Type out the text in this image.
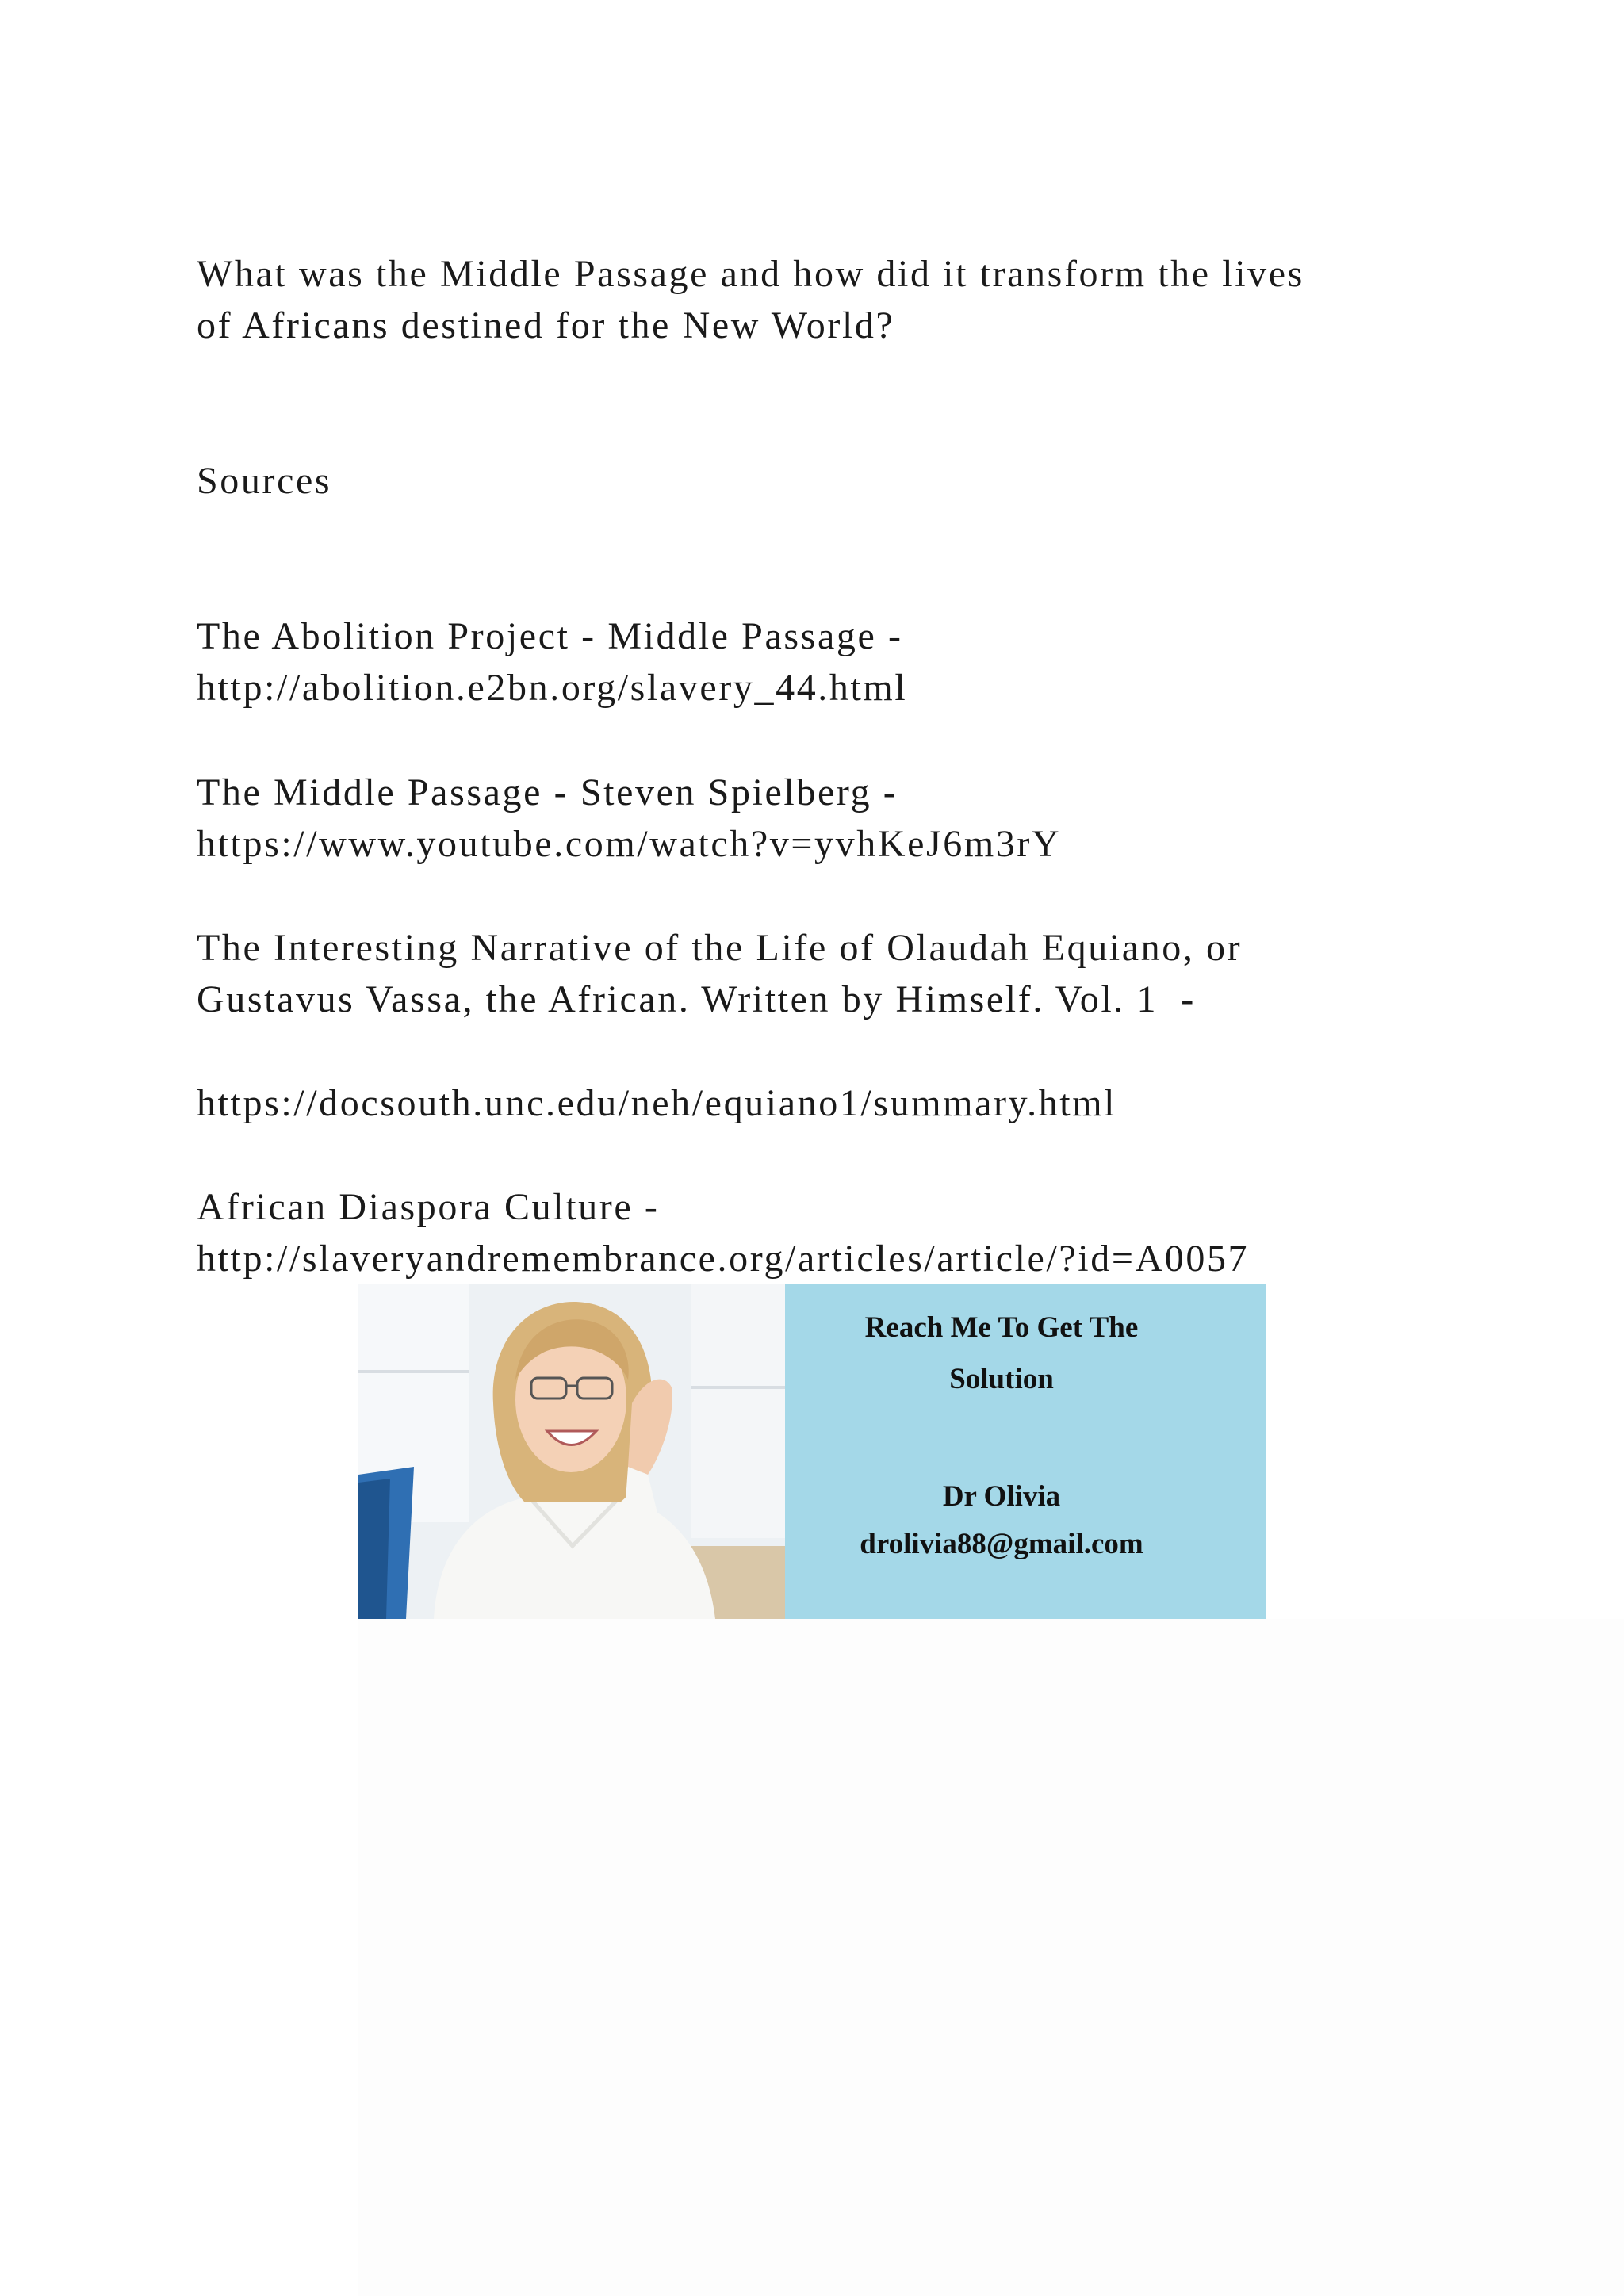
What was the Middle Passage and how did it transform the lives
of Africans destined for the New World?

Sources

The Abolition Project - Middle Passage -
http://abolition.e2bn.org/slavery_44.html

The Middle Passage - Steven Spielberg -
https://www.youtube.com/watch?v=yvhKeJ6m3rY

The Interesting Narrative of the Life of Olaudah Equiano, or
Gustavus Vassa, the African. Written by Himself. Vol. 1  -

https://docsouth.unc.edu/neh/equiano1/summary.html

African Diaspora Culture -
http://slaveryandremembrance.org/articles/article/?id=A0057

Reach Me To Get The
Solution
Dr Olivia
drolivia88@gmail.com
